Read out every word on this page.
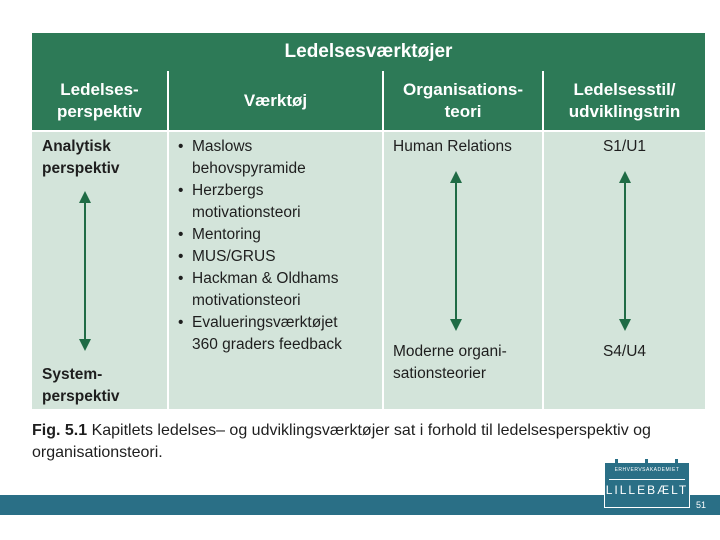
Ledelsesværktøjer
Ledelses-
perspektiv
Værktøj
Organisations-
teori
Ledelsesstil/
udviklingstrin
Analytisk
perspektiv
System-
perspektiv
• Maslows
behovspyramide
• Herzbergs
motivationsteori
• Mentoring
• MUS/GRUS
• Hackman & Oldhams
motivationsteori
• Evalueringsværktøjet
360 graders feedback
Human Relations
Moderne organi-
sationsteorier
S1/U1
S4/U4
Fig. 5.1 Kapitlets ledelses– og udviklingsværktøjer sat i forhold til ledelsesperspektiv og organisationsteori.
ERHVERVSAKADEMIET
LILLEBÆLT
51
